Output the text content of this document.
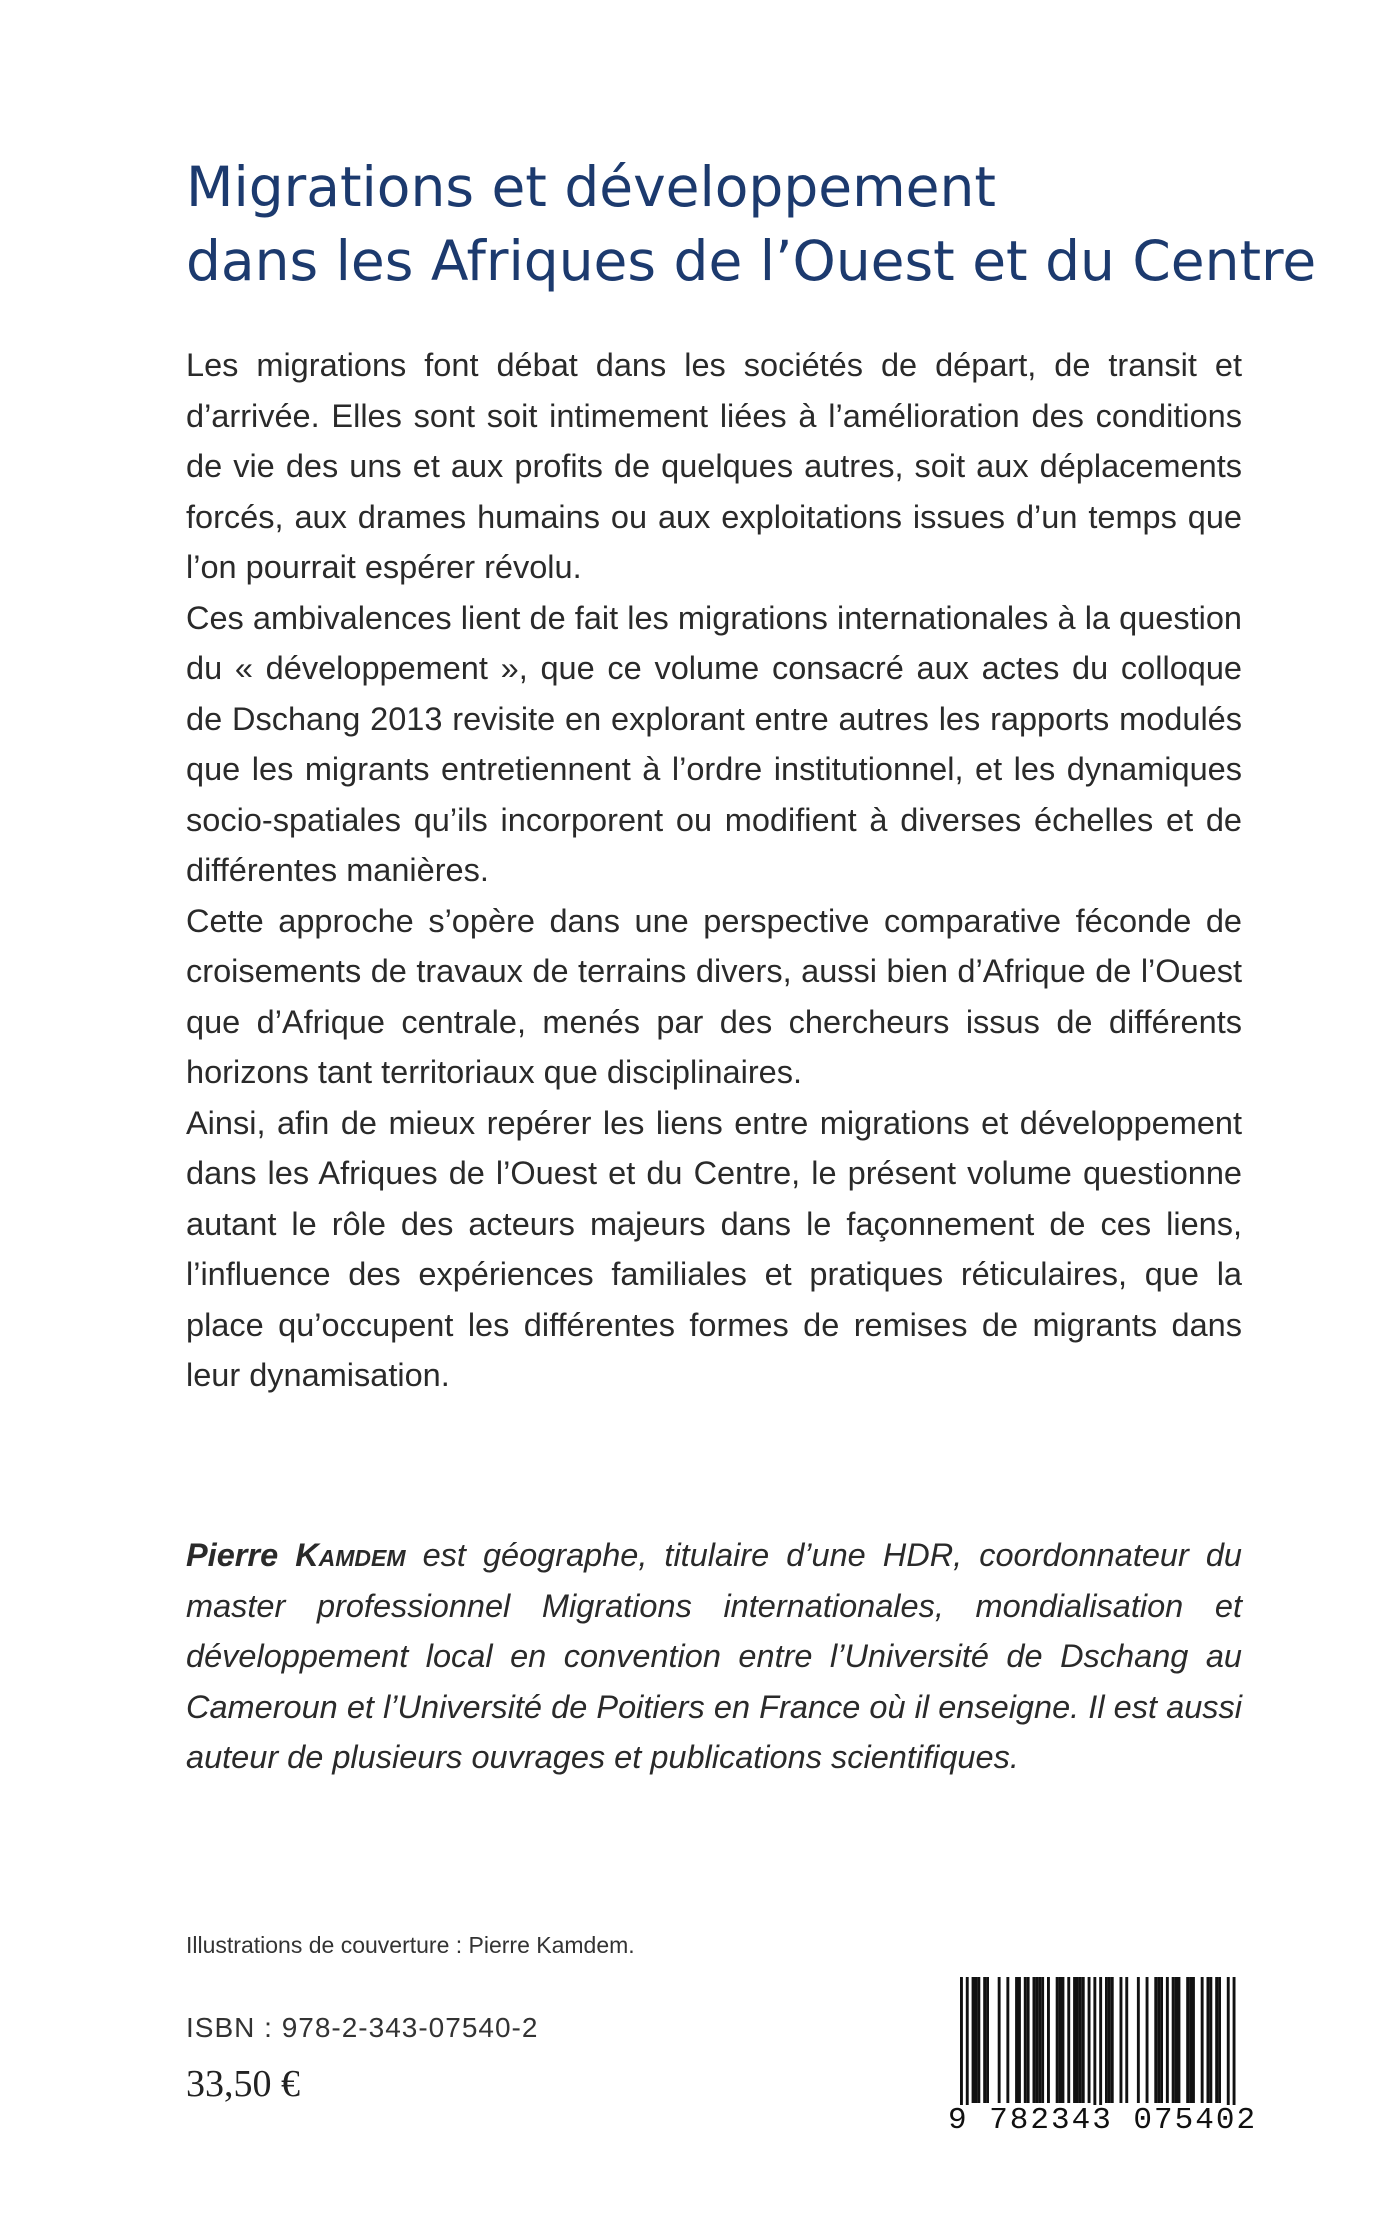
Migrations et développement
dans les Afriques de l’Ouest et du Centre

Les migrations font débat dans les sociétés de départ, de transit et d’arrivée. Elles sont soit intimement liées à l’amélioration des conditions de vie des uns et aux profits de quelques autres, soit aux déplacements forcés, aux drames humains ou aux exploitations issues d’un temps que l’on pourrait espérer révolu.

Ces ambivalences lient de fait les migrations internationales à la question du « développement », que ce volume consacré aux actes du colloque de Dschang 2013 revisite en explorant entre autres les rapports modulés que les migrants entretiennent à l’ordre institutionnel, et les dynamiques socio-spatiales qu’ils incorporent ou modifient à diverses échelles et de différentes manières.

Cette approche s’opère dans une perspective comparative féconde de croisements de travaux de terrains divers, aussi bien d’Afrique de l’Ouest que d’Afrique centrale, menés par des chercheurs issus de différents horizons tant territoriaux que disciplinaires.

Ainsi, afin de mieux repérer les liens entre migrations et développement dans les Afriques de l’Ouest et du Centre, le présent volume questionne autant le rôle des acteurs majeurs dans le façonnement de ces liens, l’influence des expériences familiales et pratiques réticulaires, que la place qu’occupent les différentes formes de remises de migrants dans leur dynamisation.

Pierre Kamdem est géographe, titulaire d’une HDR, coordonnateur du master professionnel Migrations internationales, mondialisation et développement local en convention entre l’Université de Dschang au Cameroun et l’Université de Poitiers en France où il enseigne. Il est aussi auteur de plusieurs ouvrages et publications scientifiques.
Illustrations de couverture : Pierre Kamdem.
ISBN : 978-2-343-07540-2
33,50 €
9 782343 075402
